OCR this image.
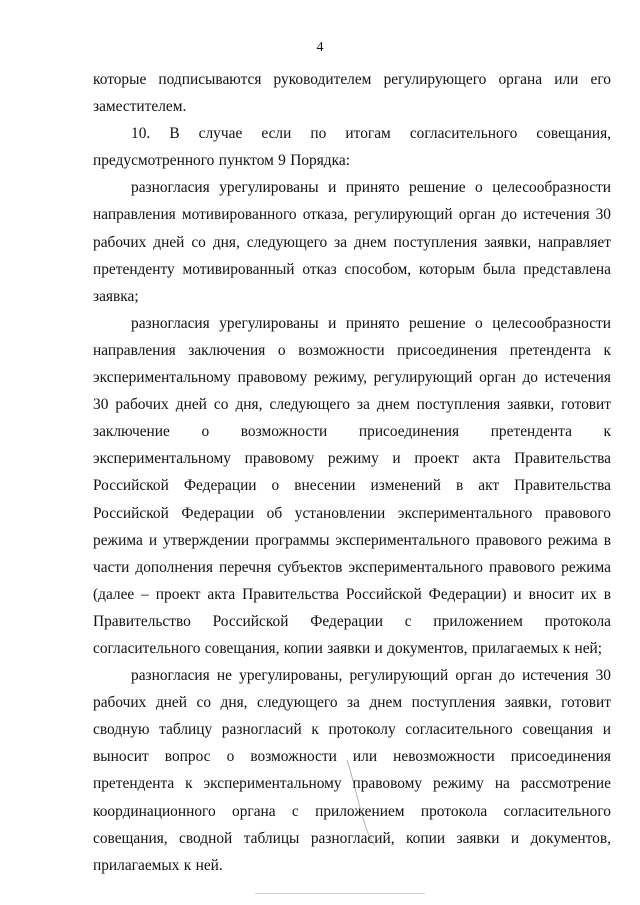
4

которые подписываются руководителем регулирующего органа или его заместителем.

10. В случае если по итогам согласительного совещания, предусмотренного пунктом 9 Порядка:

разногласия урегулированы и принято решение о целесообразности направления мотивированного отказа, регулирующий орган до истечения 30 рабочих дней со дня, следующего за днем поступления заявки, направляет претенденту мотивированный отказ способом, которым была представлена заявка;

разногласия урегулированы и принято решение о целесообразности направления заключения о возможности присоединения претендента к экспериментальному правовому режиму, регулирующий орган до истечения 30 рабочих дней со дня, следующего за днем поступления заявки, готовит заключение о возможности присоединения претендента к экспериментальному правовому режиму и проект акта Правительства Российской Федерации о внесении изменений в акт Правительства Российской Федерации об установлении экспериментального правового режима и утверждении программы экспериментального правового режима в части дополнения перечня субъектов экспериментального правового режима (далее – проект акта Правительства Российской Федерации) и вносит их в Правительство Российской Федерации с приложением протокола согласительного совещания, копии заявки и документов, прилагаемых к ней;

разногласия не урегулированы, регулирующий орган до истечения 30 рабочих дней со дня, следующего за днем поступления заявки, готовит сводную таблицу разногласий к протоколу согласительного совещания и выносит вопрос о возможности или невозможности присоединения претендента к экспериментальному правовому режиму на рассмотрение координационного органа с приложением протокола согласительного совещания, сводной таблицы разногласий, копии заявки и документов, прилагаемых к ней.
